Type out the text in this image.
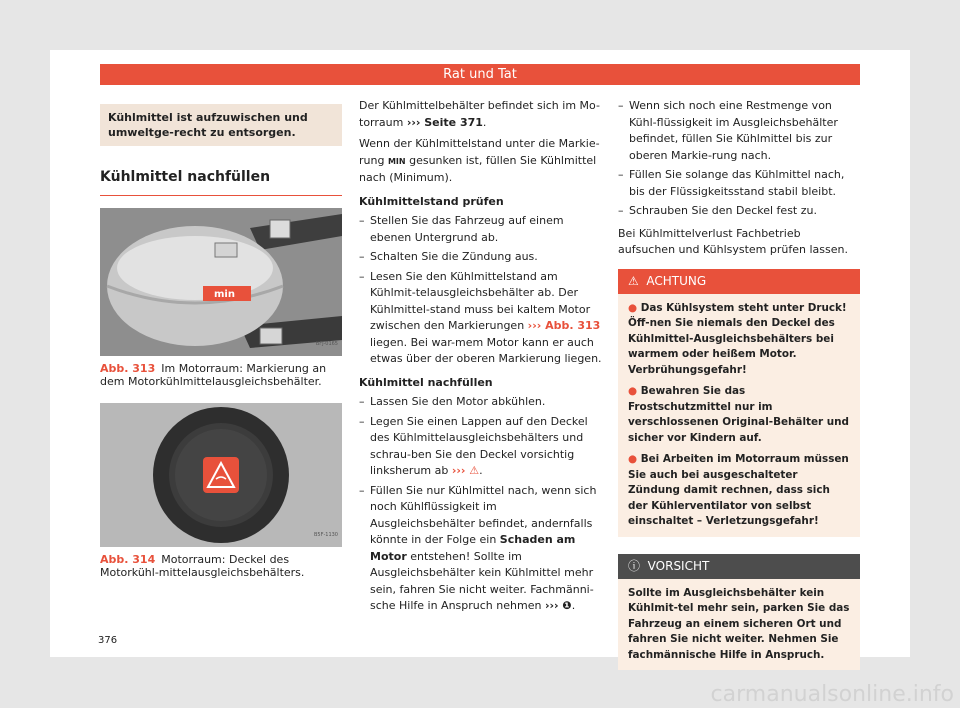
Rat und Tat
Kühlmittel ist aufzuwischen und umweltge-recht zu entsorgen.
Kühlmittel nachfüllen
min
BFJ-0165
Abb. 313 Im Motorraum: Markierung an dem Motorkühlmittelausgleichsbehälter.
B5F-1130
Abb. 314 Motorraum: Deckel des Motorkühl-mittelausgleichsbehälters.

Der Kühlmittelbehälter befindet sich im Mo-torraum ››› Seite 371.

Wenn der Kühlmittelstand unter die Markie-rung MIN gesunken ist, füllen Sie Kühlmittel nach (Minimum).

Kühlmittelstand prüfen
– Stellen Sie das Fahrzeug auf einem ebenen Untergrund ab.
– Schalten Sie die Zündung aus.
– Lesen Sie den Kühlmittelstand am Kühlmit-telausgleichsbehälter ab. Der Kühlmittel-stand muss bei kaltem Motor zwischen den Markierungen ››› Abb. 313 liegen. Bei war-mem Motor kann er auch etwas über der oberen Markierung liegen.
Kühlmittel nachfüllen
– Lassen Sie den Motor abkühlen.
– Legen Sie einen Lappen auf den Deckel des Kühlmittelausgleichsbehälters und schrau-ben Sie den Deckel vorsichtig linksherum ab ››› ⚠.
– Füllen Sie nur Kühlmittel nach, wenn sich noch Kühlflüssigkeit im Ausgleichsbehälter befindet, andernfalls könnte in der Folge ein Schaden am Motor entstehen! Sollte im Ausgleichsbehälter kein Kühlmittel mehr sein, fahren Sie nicht weiter. Fachmänni-sche Hilfe in Anspruch nehmen ››› ❶.
– Wenn sich noch eine Restmenge von Kühl-flüssigkeit im Ausgleichsbehälter befindet, füllen Sie Kühlmittel bis zur oberen Markie-rung nach.
– Füllen Sie solange das Kühlmittel nach, bis der Flüssigkeitsstand stabil bleibt.
– Schrauben Sie den Deckel fest zu.

Bei Kühlmittelverlust Fachbetrieb aufsuchen und Kühlsystem prüfen lassen.

⚠ ACHTUNG
● Das Kühlsystem steht unter Druck! Öff-nen Sie niemals den Deckel des Kühlmittel-Ausgleichsbehälters bei warmem oder heißem Motor. Verbrühungsgefahr!
● Bewahren Sie das Frostschutzmittel nur im verschlossenen Original-Behälter und sicher vor Kindern auf.
● Bei Arbeiten im Motorraum müssen Sie auch bei ausgeschalteter Zündung damit rechnen, dass sich der Kühlerventilator von selbst einschaltet – Verletzungsgefahr!
ⓘ VORSICHT
Sollte im Ausgleichsbehälter kein Kühlmit-tel mehr sein, parken Sie das Fahrzeug an einem sicheren Ort und fahren Sie nicht weiter. Nehmen Sie fachmännische Hilfe in Anspruch.
376
carmanualsonline.info
